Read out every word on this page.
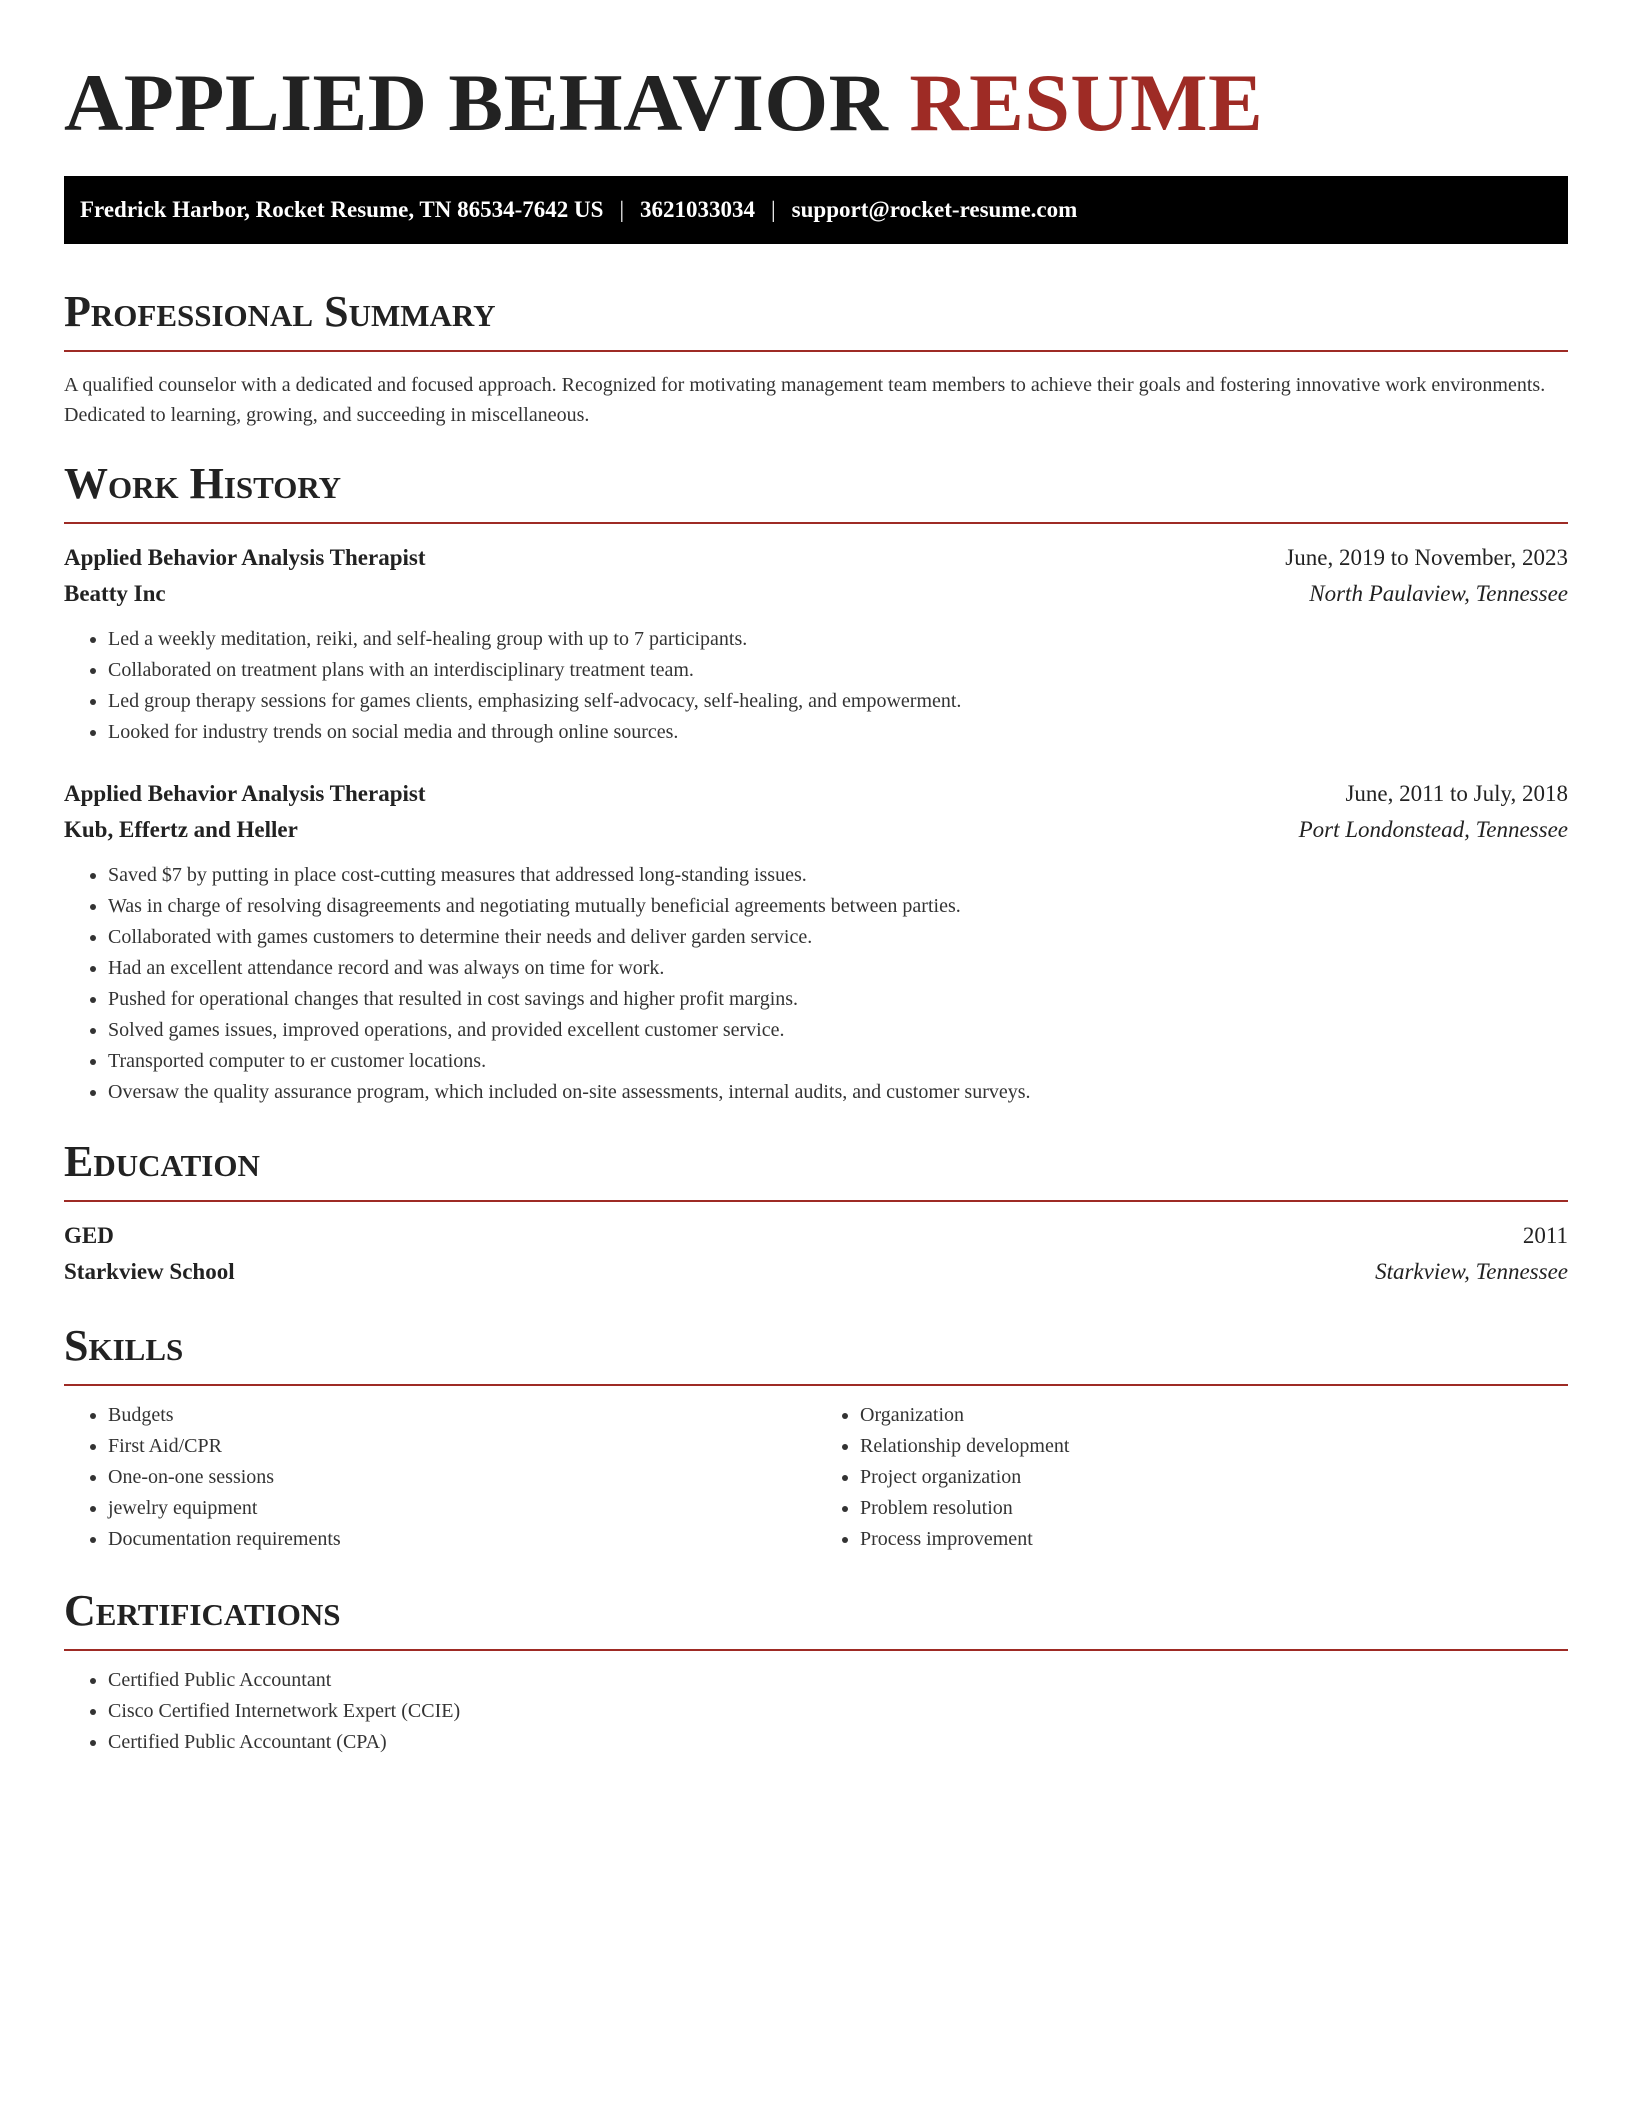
APPLIED BEHAVIOR RESUME
Fredrick Harbor, Rocket Resume, TN 86534-7642 US | 3621033034 | support@rocket-resume.com
Professional Summary

A qualified counselor with a dedicated and focused approach. Recognized for motivating management team members to achieve their goals and fostering innovative work environments. Dedicated to learning, growing, and succeeding in miscellaneous.

Work History
Applied Behavior Analysis Therapist	June, 2019 to November, 2023
Beatty Inc	North Paulaview, Tennessee
• Led a weekly meditation, reiki, and self-healing group with up to 7 participants.
• Collaborated on treatment plans with an interdisciplinary treatment team.
• Led group therapy sessions for games clients, emphasizing self-advocacy, self-healing, and empowerment.
• Looked for industry trends on social media and through online sources.
Applied Behavior Analysis Therapist	June, 2011 to July, 2018
Kub, Effertz and Heller	Port Londonstead, Tennessee
• Saved $7 by putting in place cost-cutting measures that addressed long-standing issues.
• Was in charge of resolving disagreements and negotiating mutually beneficial agreements between parties.
• Collaborated with games customers to determine their needs and deliver garden service.
• Had an excellent attendance record and was always on time for work.
• Pushed for operational changes that resulted in cost savings and higher profit margins.
• Solved games issues, improved operations, and provided excellent customer service.
• Transported computer to er customer locations.
• Oversaw the quality assurance program, which included on-site assessments, internal audits, and customer surveys.
Education
GED	2011
Starkview School	Starkview, Tennessee
Skills
• Budgets
• First Aid/CPR
• One-on-one sessions
• jewelry equipment
• Documentation requirements
• Organization
• Relationship development
• Project organization
• Problem resolution
• Process improvement
Certifications
• Certified Public Accountant
• Cisco Certified Internetwork Expert (CCIE)
• Certified Public Accountant (CPA)
